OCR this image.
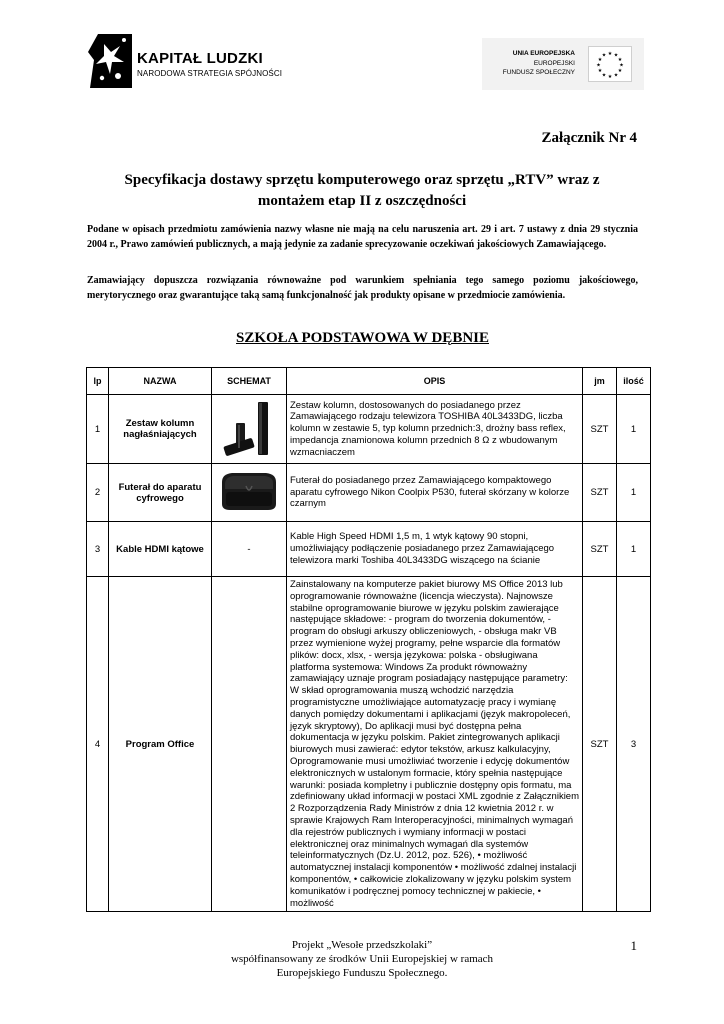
KAPITAŁ LUDZKI
NARODOWA STRATEGIA SPÓJNOŚCI
UNIA EUROPEJSKA
EUROPEJSKI
FUNDUSZ SPOŁECZNY
★ ★
★
★
★
★
★
★
★
★
★
★
Załącznik Nr 4
Specyfikacja dostawy sprzętu komputerowego oraz sprzętu „RTV” wraz z
montażem etap II z oszczędności
Podane w opisach przedmiotu zamówienia nazwy własne nie mają na celu naruszenia art. 29 i art. 7 ustawy z dnia 29 stycznia 2004 r., Prawo zamówień publicznych, a mają jedynie za zadanie sprecyzowanie oczekiwań jakościowych Zamawiającego.
Zamawiający dopuszcza rozwiązania równoważne pod warunkiem spełniania tego samego poziomu jakościowego, merytorycznego oraz gwarantujące taką samą funkcjonalność jak produkty opisane w przedmiocie zamówienia.
SZKOŁA PODSTAWOWA W DĘBNIE
lp	NAZWA	SCHEMAT	OPIS	jm	ilość
1	Zestaw kolumn nagłaśniających		Zestaw kolumn, dostosowanych do posiadanego przez Zamawiającego rodzaju telewizora TOSHIBA 40L3433DG, liczba kolumn w zestawie 5, typ kolumn przednich:3, drożny bass reflex, impedancja znamionowa kolumn przednich 8 Ω z wbudowanym wzmacniaczem	SZT	1
2	Futerał do aparatu cyfrowego		Futerał do posiadanego przez Zamawiającego kompaktowego aparatu cyfrowego Nikon Coolpix P530, futerał skórzany w kolorze czarnym	SZT	1
3	Kable HDMI kątowe	-	Kable High Speed HDMI 1,5 m, 1 wtyk kątowy 90 stopni, umożliwiający podłączenie posiadanego przez Zamawiającego telewizora marki Toshiba 40L3433DG wiszącego na ścianie	SZT	1
4	Program Office		Zainstalowany na komputerze pakiet biurowy MS Office 2013 lub oprogramowanie równoważne (licencja wieczysta). Najnowsze stabilne oprogramowanie biurowe w języku polskim zawierające następujące składowe: - program do tworzenia dokumentów, - program do obsługi arkuszy obliczeniowych, - obsługa makr VB przez wymienione wyżej programy, pełne wsparcie dla formatów plików: docx, xlsx, - wersja językowa: polska - obsługiwana platforma systemowa: Windows Za produkt równoważny zamawiający uznaje program posiadający następujące parametry: W skład oprogramowania muszą wchodzić narzędzia programistyczne umożliwiające automatyzację pracy i wymianę danych pomiędzy dokumentami i aplikacjami (język makropoleceń, język skryptowy), Do aplikacji musi być dostępna pełna dokumentacja w języku polskim. Pakiet zintegrowanych aplikacji biurowych musi zawierać: edytor tekstów, arkusz kalkulacyjny, Oprogramowanie musi umożliwiać tworzenie i edycję dokumentów elektronicznych w ustalonym formacie, który spełnia następujące warunki: posiada kompletny i publicznie dostępny opis formatu, ma zdefiniowany układ informacji w postaci XML zgodnie z Załącznikiem 2 Rozporządzenia Rady Ministrów z dnia 12 kwietnia 2012 r. w sprawie Krajowych Ram Interoperacyjności, minimalnych wymagań dla rejestrów publicznych i wymiany informacji w postaci elektronicznej oraz minimalnych wymagań dla systemów teleinformatycznych (Dz.U. 2012, poz. 526), • możliwość automatycznej instalacji komponentów • możliwość zdalnej instalacji komponentów, • całkowicie zlokalizowany w języku polskim system komunikatów i podręcznej pomocy technicznej w pakiecie, • możliwość	SZT	3
Projekt „Wesołe przedszkolaki”
współfinansowany ze środków Unii Europejskiej w ramach
Europejskiego Funduszu Społecznego.
1
